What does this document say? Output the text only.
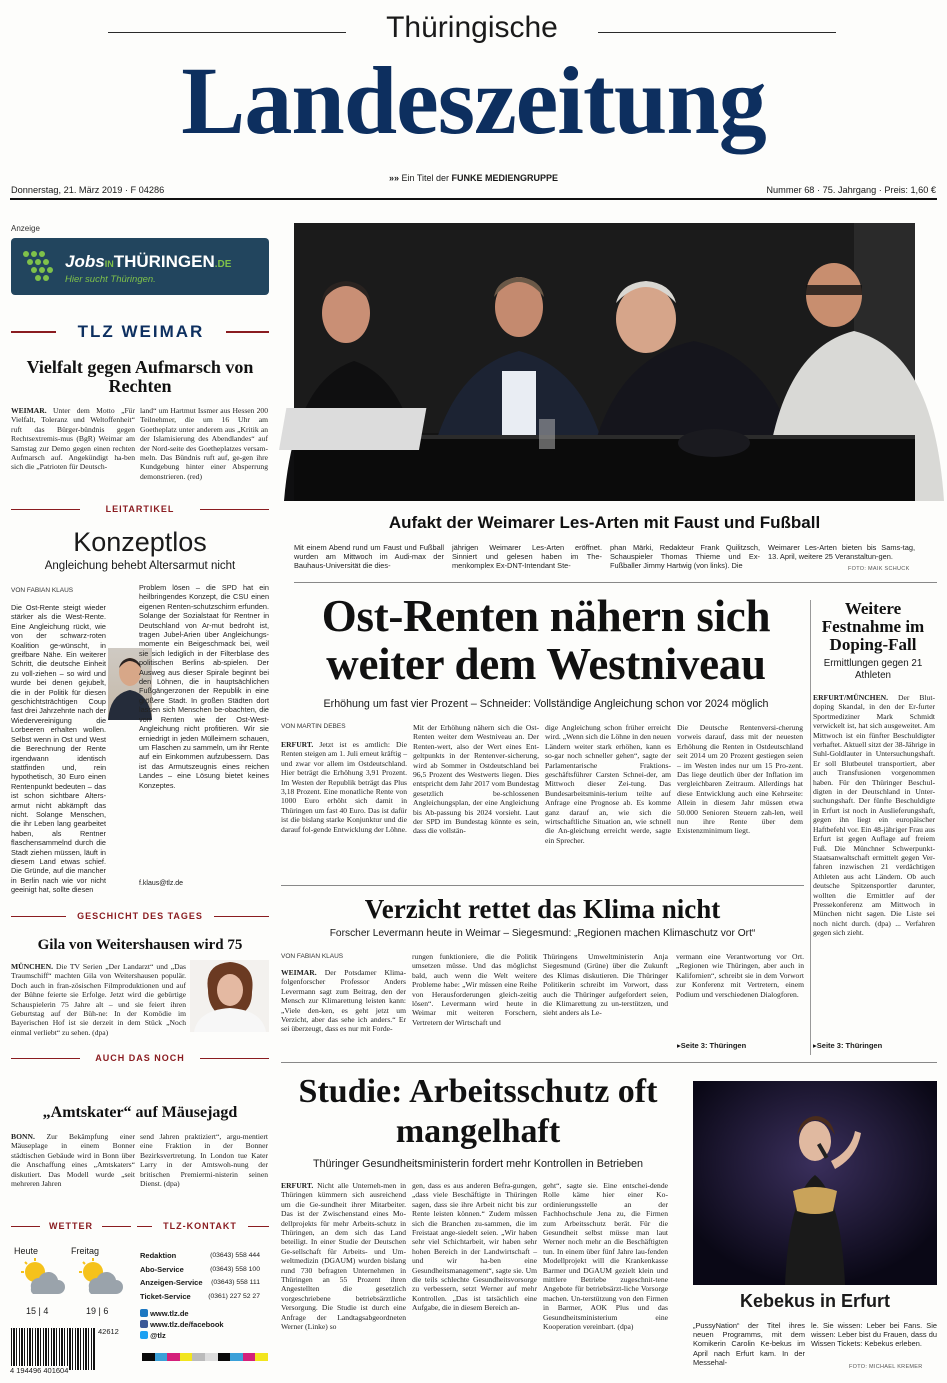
Thüringische
Landeszeitung
»» Ein Titel der FUNKE MEDIENGRUPPE
Donnerstag, 21. März 2019 · F 04286	Nummer 68 · 75. Jahrgang · Preis: 1,60 €
Anzeige
JobsINTHÜRINGEN.DE
Hier sucht Thüringen.
TLZ WEIMAR
Vielfalt gegen Aufmarsch von Rechten
WEIMAR. Unter dem Motto „Für Vielfalt, Toleranz und Weltoffenheit“ ruft das Bürger-bündnis gegen Rechtsextremis-mus (BgR) Weimar am Samstag zur Demo gegen einen rechten Aufmarsch auf. Angekündigt ha-ben sich die „Patrioten für Deutsch-
land“ um Hartmut Issmer aus Hessen 200 Teilnehmer, die um 16 Uhr am Goetheplatz unter anderem aus „Kritik an der Islamisierung des Abendlandes“ auf der Nord-seite des Goetheplatzes versam-meln. Das Bündnis ruft auf, ge-gen ihre Kundgebung hinter einer Absperrung demonstrieren. (red)
LEITARTIKEL
Konzeptlos
Angleichung behebt Altersarmut nicht
VON FABIAN KLAUS
Die Ost-Rente steigt wieder stärker als die West-Rente. Eine Angleichung rückt, wie von der schwarz-roten Koalition ge-wünscht, in greifbare Nähe. Ein weiterer Schritt, die deutsche Einheit zu voll-ziehen – so wird und wurde bei denen gejubelt, die in der Politik für diesen geschichtsträchtigen Coup fast drei Jahrzehnte nach der Wiedervereinigung die Lorbeeren erhalten wollen. Selbst wenn in Ost und West die Berechnung der Rente irgendwann identisch stattfinden und, rein hypothetisch, 30 Euro einen Rentenpunkt bedeuten – das ist schon sichtbare Alters-armut nicht abkämpft das nicht. Solange Menschen, die ihr Leben lang gearbeitet haben, als Rentner flaschensammelnd durch die Stadt ziehen müssen, läuft in diesem Land etwas schief. Die Gründe, auf die mancher in Berlin nach wie vor nicht geeinigt hat, sollte diesen
Problem lösen – die SPD hat ein heilbringendes Konzept, die CSU einen eigenen Renten-schutzschirm erfunden. Solange der Sozialstaat für Rentner in Deutschland von Ar-mut bedroht ist, tragen Jubel-Arien über Angleichungs-momente ein Beigeschmack bei, weil sie sich lediglich in der Filterblase des politischen Berlins ab-spielen. Der Ausweg aus dieser Spirale beginnt bei den Löhnen, die in hauptsächlichen Fußgängerzonen der Republik in eine größere Stadt. In großen Städten dort lassen sich Menschen be-obachten, die von Renten wie der Ost-West-Angleichung nicht profitieren. Wir sie erniedrigt in jeden Mülleimern schauen, um Flaschen zu sammeln, um ihr Rente auf ein Einkommen aufzubessern. Das ist das Armutszeugnis eines reichen Landes – eine Lösung bietet keines Konzeptes.
f.klaus@tlz.de
GESCHICHT DES TAGES
Gila von Weitershausen wird 75
MÜNCHEN. Die TV Serien „Der Landarzt“ und „Das Traumschiff“ machten Gila von Weitershausen populär. Doch auch in fran-zösischen Filmproduktionen und auf der Bühne feierte sie Erfolge. Jetzt wird die gebürtige Schauspielerin 75 Jahre alt – und sie feiert ihren Geburtstag auf der Büh-ne: In der Komödie im Bayerischen Hof ist sie derzeit in dem Stück „Noch einmal verliebt“ zu sehen. (dpa)
AUCH DAS NOCH
„Amtskater“ auf Mäusejagd
BONN. Zur Bekämpfung einer Mäuseplage in einem Bonner städtischen Gebäude wird in Bonn über die Anschaffung eines „Amtskaters“ diskutiert. Das Modell wurde „seit mehreren Jahren
send Jahren praktiziert“, argu-mentiert eine Fraktion in der Bonner Bezirksvertretung. In London tue Kater Larry in der Amtswoh-nung der britischen Premiermi-nisterin seinen Dienst. (dpa)
WETTER
Heute	Freitag
15 | 4	19 | 6
TLZ-KONTAKT
Redaktion	(03643) 558 444
Abo-Service	(03643) 558 100
Anzeigen-Service (03643) 558 111
Ticket-Service	(0361) 227 52 27
www.tlz.de
www.tlz.de/facebook
@tlz
42612
4 194496 401604
Aufakt der Weimarer Les-Arten mit Faust und Fußball
Mit einem Abend rund um Faust und Fußball wurden am Mittwoch im Audi-max der Bauhaus-Universität die dies-
jährigen Weimarer Les-Arten eröffnet. Sinniert und gelesen haben im The-menkomplex Ex-DNT-Intendant Ste-
phan Märki, Redakteur Frank Quilitzsch, Schauspieler Thomas Thieme und Ex-Fußballer Jimmy Hartwig (von links). Die
Weimarer Les-Arten bieten bis Sams-tag, 13. April, weitere 25 Veranstaltun-gen.
FOTO: MAIK SCHUCK
Ost-Renten nähern sich weiter dem Westniveau
Erhöhung um fast vier Prozent – Schneider: Vollständige Angleichung schon vor 2024 möglich
VON MARTIN DEBES
ERFURT. Jetzt ist es amtlich: Die Renten steigen am 1. Juli erneut kräftig – und zwar vor allem im Ostdeutschland. Hier beträgt die Erhöhung 3,91 Prozent. Im Westen der Republik beträgt das Plus 3,18 Prozent. Eine monatliche Rente von 1000 Euro erhöht sich damit in Thüringen um fast 40 Euro. Das ist dafür ist die bislang starke Konjunktur und die darauf fol-gende Entwicklung der Löhne.
Mit der Erhöhung nähern sich die Ost-Renten weiter dem Westniveau an. Der Renten-wert, also der Wert eines Ent-geltpunkts in der Rentenver-sicherung, wird ab Sommer in Ostdeutschland bei 96,5 Prozent des Westwerts liegen. Dies entspricht dem Jahr 2017 vom Bundestag gesetzlich be-schlossenen Angleichungsplan, der eine Angleichung bis Ab-passung bis 2024 vorsieht. Laut der SPD im Bundestag könnte es sein, dass die vollstän-
dige Angleichung schon früher erreicht wird. „Wenn sich die Löhne in den neuen Ländern weiter stark erhöhen, kann es so-gar noch schneller gehen“, sagte der Parlamentarische Fraktions-geschäftsführer Carsten Schnei-der, am Mittwoch dieser Zei-tung. Das Bundesarbeitsminis-terium teilte auf Anfrage eine Prognose ab. Es komme ganz darauf an, wie sich die wirtschaftliche Situation an, wie schnell die An-gleichung erreicht werde, sagte ein Sprecher.
Die Deutsche Rentenversi-cherung vorweis darauf, dass mit der neuesten Erhöhung die Renten in Ostdeutschland seit 2014 um 20 Prozent gestiegen seien – im Westen indes nur um 15 Pro-zent. Das liege deutlich über der Inflation im vergleichbaren Zeitraum. Allerdings hat diese Entwicklung auch eine Kehrseite: Allein in diesem Jahr müssen etwa 50.000 Senioren Steuern zah-len, weil nun ihre Rente über dem Existenzminimum liegt.
Weitere Festnahme im Doping-Fall
Ermittlungen gegen 21 Athleten
ERFURT/MÜNCHEN. Der Blut-doping Skandal, in den der Er-furter Sportmediziner Mark Schmidt verwickelt ist, hat sich ausgeweitet. Am Mittwoch ist ein fünfter Beschuldigter verhaftet. Aktuell sitzt der 38-Jährige in Suhl-Goldlauter in Untersuchungshaft. Er soll Blutbeutel transportiert, aber auch Transfusionen vorgenommen haben. Für den Thüringer Beschul-digten in der Deutschland in Unter-suchungshaft. Der fünfte Beschuldigte in Erfurt ist noch in Auslieferungshaft, gegen ihn liegt ein europäischer Haftbefehl vor. Ein 48-jähriger Frau aus Erfurt ist gegen Auflage auf freiem Fuß. Die Münchner Schwerpunkt-Staatsanwaltschaft ermittelt gegen Ver-fahren inzwischen 21 verdächtigen Athleten aus acht Ländern. Ob auch deutsche Spitzensportler darunter, wollten die Ermittler auf der Pressekonferenz am Mittwoch in München nicht sagen. Die Liste sei noch nicht durch. (dpa) ... Verfahren gegen sich zieht.
▸ Seite 3: Thüringen
Verzicht rettet das Klima nicht
Forscher Levermann heute in Weimar – Siegesmund: „Regionen machen Klimaschutz vor Ort“
VON FABIAN KLAUS
WEIMAR. Der Potsdamer Klima-folgenforscher Professor Anders Levermann sagt zum Beitrag, den der Mensch zur Klimarettung leisten kann: „Viele den-ken, es geht jetzt um Verzicht, aber das sehe ich anders.“ Er sei überzeugt, dass es nur mit Forde-
rungen funktioniere, die die Politik umsetzen müsse. Und das möglichst bald, auch wenn die Welt weitere Probleme habe: „Wir müssen eine Reihe von Herausforderungen gleich-zeitig lösen“. Levermann wird heute in Weimar mit weiteren Forschern, Vertretern der Wirtschaft und
Thüringens Umweltministerin Anja Siegesmund (Grüne) über die Zukunft des Klimas diskutieren. Die Thüringer Politikerin schreibt im Vorwort, dass auch die Thüringer aufgefordert seien, die Klimarettung zu un-terstützen, und sieht anders als Le-
vermann eine Verantwortung vor Ort. „Regionen wie Thüringen, aber auch in Kalifornien“, schreibt sie in dem Vorwort zur Konferenz mit Vertretern, einem Podium und verschiedenen Dialogforen.
▸ Seite 3: Thüringen
Studie: Arbeitsschutz oft mangelhaft
Thüringer Gesundheitsministerin fordert mehr Kontrollen in Betrieben
ERFURT. Nicht alle Unterneh-men in Thüringen kümmern sich ausreichend um die Ge-sundheit ihrer Mitarbeiter. Das ist der Zwischenstand eines Mo-dellprojekts für mehr Arbeits-schutz in Thüringen, an dem sich das Land beteiligt. In einer Studie der Deutschen Ge-sellschaft für Arbeits- und Um-weltmedizin (DGAUM) wurden bislang rund 730 befragten Unternehmen in Thüringen an 55 Prozent ihren Angestellten die gesetzlich vorgeschriebene betriebsärztliche Versorgung. Die Studie ist durch eine Anfrage der Landtagsabgeordneten Werner (Linke) so
gen, dass es aus anderen Befra-gungen, „dass viele Beschäftigte in Thüringen sagen, dass sie ihre Arbeit nicht bis zur Rente leisten können.“ Zudem müssen sich die Branchen zu-sammen, die im Freistaat ange-siedelt seien. „Wir haben sehr viel Schichtarbeit, wir haben sehr hohen Bereich in der Landwirtschaft – und wir ha-ben eine Gesundheitsmanagement“, sagte sie. Um die teils schlechte Gesundheitsvorsorge zu verbessern, setzt Werner auf mehr Kontrollen. „Das ist tatsächlich eine Aufgabe, die in diesem Bereich an-
geht“, sagte sie. Eine entschei-dende Rolle käme hier einer Ko-ordinierungsstelle an der Fachhochschule Jena zu, die Firmen zum Arbeitsschutz berät. Für die Gesundheit selbst müsse man laut Werner noch mehr an die Beschäftigten tun. In einem über fünf Jahre lau-fenden Modellprojekt will die Krankenkasse Barmer und DGAUM gezielt klein und mittlere Betriebe zugeschnit-tene Angebote für betriebsärzt-liche Vorsorge machen. Un-terstützung von den Firmen in Barmer, AOK Plus und das Gesundheitsministerium eine Kooperation vereinbart. (dpa)
Kebekus in Erfurt
„PussyNation“ der Titel ihres neuen Programms, mit dem Komikerin Carolin Ke-bekus im April nach Erfurt kam. In der Messehal-
le. Sie wissen: Leber bei Fans. Sie wissen: Leber bist du Frauen, dass du Wissen Tickets: Kebekus erleben.
FOTO: MICHAEL KREMER
